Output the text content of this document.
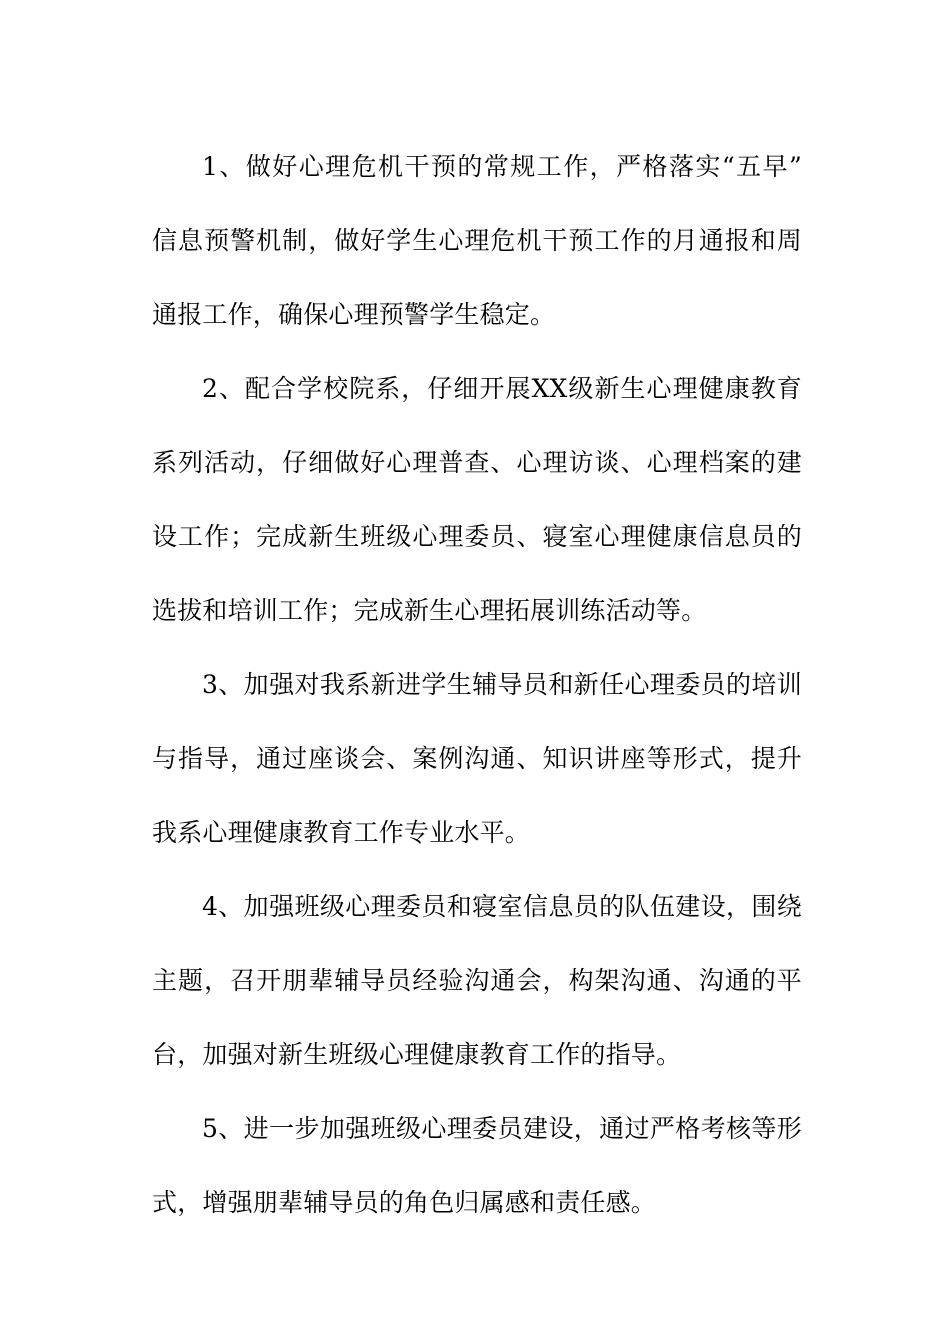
1、做好心理危机干预的常规工作，严格落实“五早”
信息预警机制，做好学生心理危机干预工作的月通报和周
通报工作，确保心理预警学生稳定。

2、配合学校院系，仔细开展XX级新生心理健康教育
系列活动，仔细做好心理普查、心理访谈、心理档案的建
设工作；完成新生班级心理委员、寝室心理健康信息员的
选拔和培训工作；完成新生心理拓展训练活动等。

3、加强对我系新进学生辅导员和新任心理委员的培训
与指导，通过座谈会、案例沟通、知识讲座等形式，提升
我系心理健康教育工作专业水平。

4、加强班级心理委员和寝室信息员的队伍建设，围绕
主题，召开朋辈辅导员经验沟通会，构架沟通、沟通的平
台，加强对新生班级心理健康教育工作的指导。

5、进一步加强班级心理委员建设，通过严格考核等形
式，增强朋辈辅导员的角色归属感和责任感。
